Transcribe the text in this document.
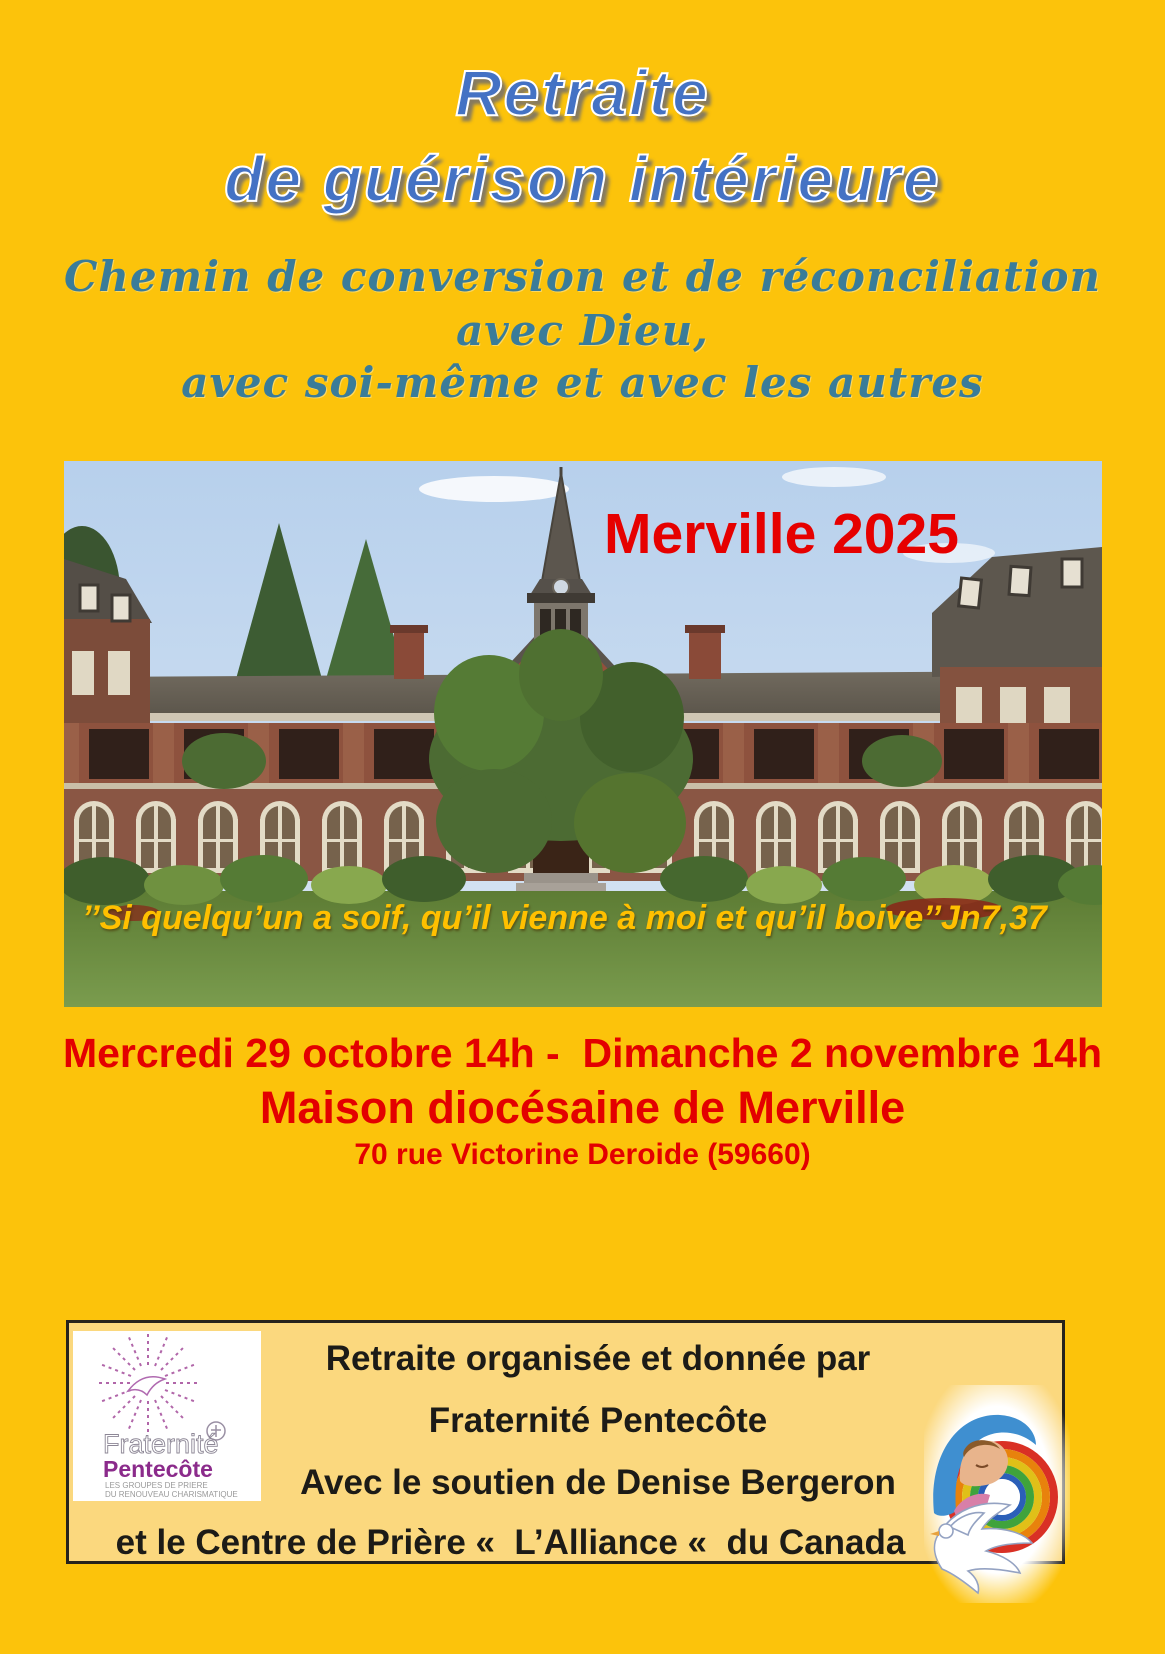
Retraite
de guérison intérieure
Chemin de conversion et de réconciliation
avec Dieu,
avec soi-même et avec les autres
Merville 2025
’’Si quelqu’un a soif, qu’il vienne à moi et qu’il boive’’Jn7,37
Mercredi 29 octobre 14h -  Dimanche 2 novembre 14h
Maison diocésaine de Merville
70 rue Victorine Deroide (59660)
Retraite organisée et donnée par
Fraternité Pentecôte
Avec le soutien de Denise Bergeron
et le Centre de Prière «  L’Alliance «  du Canada
Fraternité
Pentecôte
LES GROUPES DE PRIERE
DU RENOUVEAU CHARISMATIQUE
